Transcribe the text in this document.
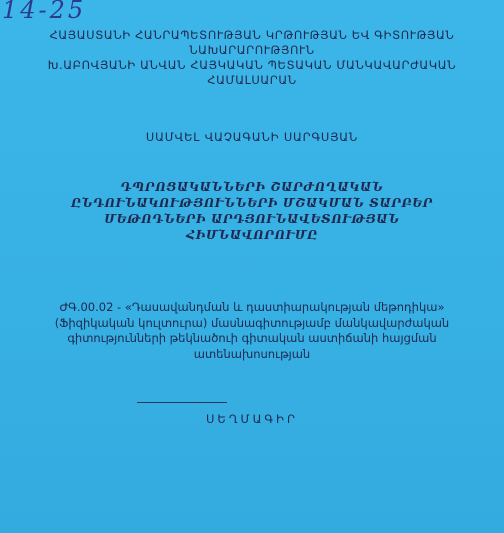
14-25
ՀԱՅԱՍՏԱՆԻ ՀԱՆՐԱՊԵՏՈՒԹՅԱՆ ԿՐԹՈՒԹՅԱՆ ԵՎ ԳԻՏՈՒԹՅԱՆ
ՆԱԽԱՐԱՐՈՒԹՅՈՒՆ
Խ.ԱԲՈՎՅԱՆԻ ԱՆՎԱՆ ՀԱՅԿԱԿԱՆ ՊԵՏԱԿԱՆ ՄԱՆԿԱՎԱՐԺԱԿԱՆ
ՀԱՄԱԼՍԱՐԱՆ
ՍԱՄՎԵԼ ՎԱՉԱԳԱՆԻ ՍԱՐԳՍՅԱՆ
ԴՊՐՈՑԱԿԱՆՆԵՐԻ ՇԱՐԺՈՂԱԿԱՆ
ԸՆԴՈՒՆԱԿՈՒԹՅՈՒՆՆԵՐԻ ՄՇԱԿՄԱՆ ՏԱՐԲԵՐ
ՄԵԹՈԴՆԵՐԻ ԱՐԴՅՈՒՆԱՎԵՏՈՒԹՅԱՆ
ՀԻՄՆԱՎՈՐՈՒՄԸ
ԺԳ.00.02 - «Դասավանդման և դաստիարակության մեթոդիկա»
(Ֆիզիկական կուլտուրա) մասնագիտությամբ մանկավարժական
գիտությունների թեկնածուի գիտական աստիճանի հայցման
ատենախոսության
ՍԵՂՄԱԳԻՐ
